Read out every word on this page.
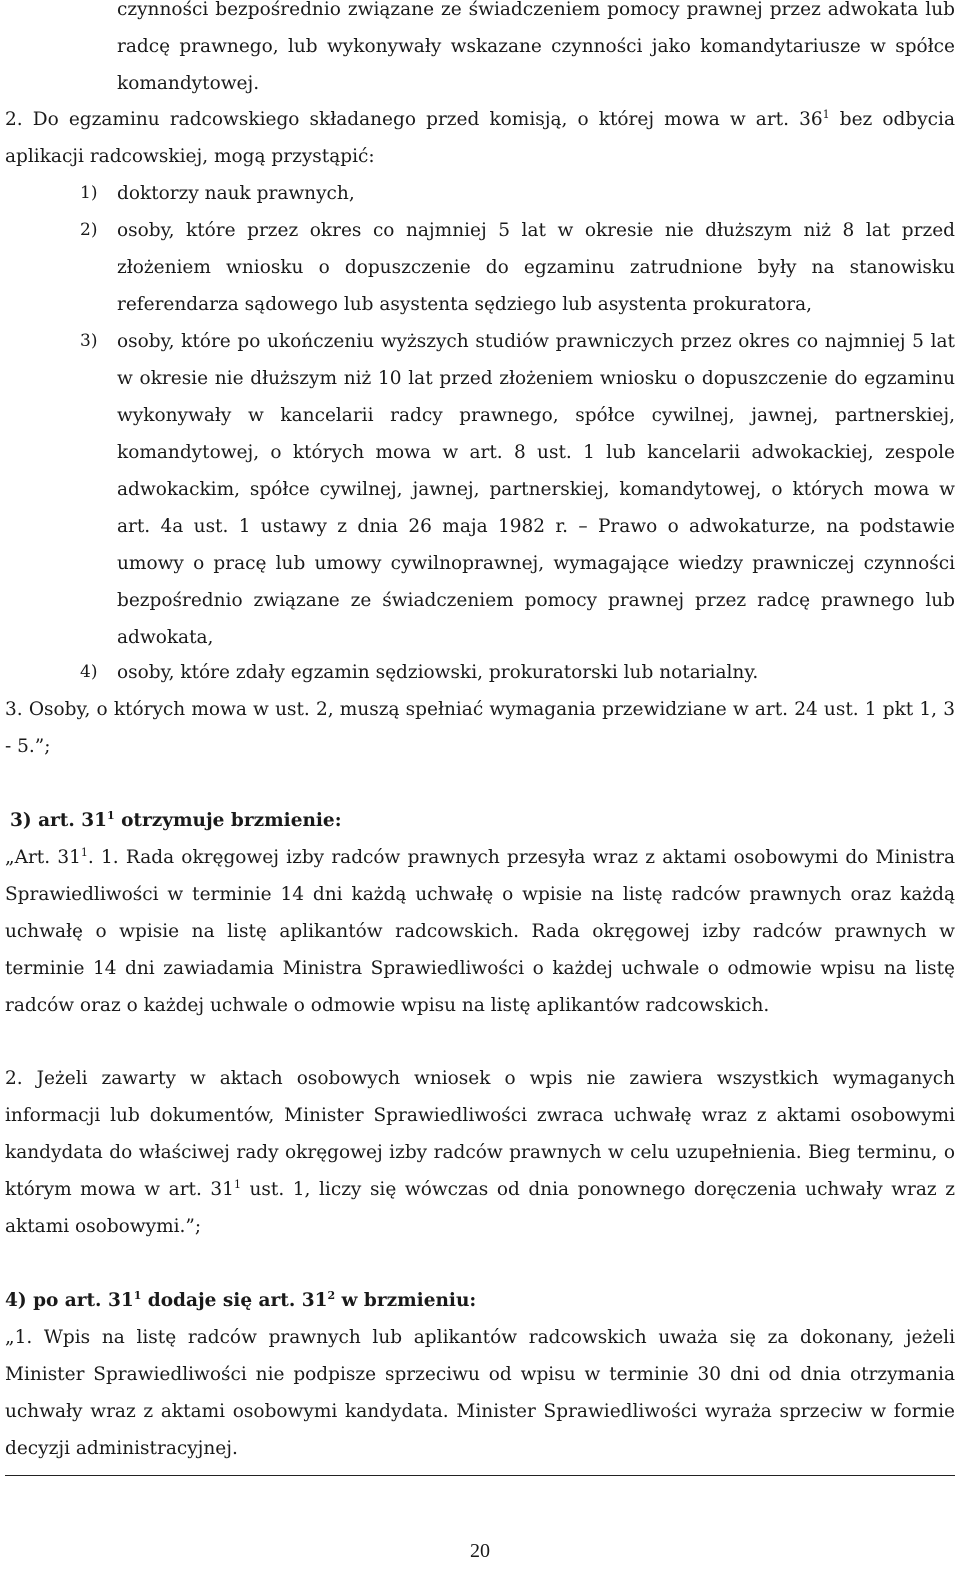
czynności bezpośrednio związane ze świadczeniem pomocy prawnej przez adwokata lub radcę prawnego, lub wykonywały wskazane czynności jako komandytariusze w spółce komandytowej.

2. Do egzaminu radcowskiego składanego przed komisją, o której mowa w art. $36^1$ bez odbycia aplikacji radcowskiej, mogą przystąpić:

1) doktorzy nauk prawnych,

2) osoby, które przez okres co najmniej 5 lat w okresie nie dłuższym niż 8 lat przed złożeniem wniosku o dopuszczenie do egzaminu zatrudnione były na stanowisku referendarza sądowego lub asystenta sędziego lub asystenta prokuratora,

3) osoby, które po ukończeniu wyższych studiów prawniczych przez okres co najmniej 5 lat w okresie nie dłuższym niż 10 lat przed złożeniem wniosku o dopuszczenie do egzaminu wykonywały w kancelarii radcy prawnego, spółce cywilnej, jawnej, partnerskiej, komandytowej, o których mowa w art. 8 ust. 1 lub kancelarii adwokackiej, zespole adwokackim, spółce cywilnej, jawnej, partnerskiej, komandytowej, o których mowa w art. 4a ust. 1 ustawy z dnia 26 maja 1982 r. – Prawo o adwokaturze, na podstawie umowy o pracę lub umowy cywilnoprawnej, wymagające wiedzy prawniczej czynności bezpośrednio związane ze świadczeniem pomocy prawnej przez radcę prawnego lub adwokata,

4) osoby, które zdały egzamin sędziowski, prokuratorski lub notarialny.

3. Osoby, o których mowa w ust. 2, muszą spełniać wymagania przewidziane w art. 24 ust. 1 pkt 1, 3 - 5.”;

3) art. $31^1$ otrzymuje brzmienie:

„Art. $31^1$. 1. Rada okręgowej izby radców prawnych przesyła wraz z aktami osobowymi do Ministra Sprawiedliwości w terminie 14 dni każdą uchwałę o wpisie na listę radców prawnych oraz każdą uchwałę o wpisie na listę aplikantów radcowskich. Rada okręgowej izby radców prawnych w terminie 14 dni zawiadamia Ministra Sprawiedliwości o każdej uchwale o odmowie wpisu na listę radców oraz o każdej uchwale o odmowie wpisu na listę aplikantów radcowskich.

2. Jeżeli zawarty w aktach osobowych wniosek o wpis nie zawiera wszystkich wymaganych informacji lub dokumentów, Minister Sprawiedliwości zwraca uchwałę wraz z aktami osobowymi kandydata do właściwej rady okręgowej izby radców prawnych w celu uzupełnienia. Bieg terminu, o którym mowa w art. $31^1$ ust. 1, liczy się wówczas od dnia ponownego doręczenia uchwały wraz z aktami osobowymi.”;

4) po art. $31^1$ dodaje się art. $31^2$ w brzmieniu:

„1. Wpis na listę radców prawnych lub aplikantów radcowskich uważa się za dokonany, jeżeli Minister Sprawiedliwości nie podpisze sprzeciwu od wpisu w terminie 30 dni od dnia otrzymania uchwały wraz z aktami osobowymi kandydata. Minister Sprawiedliwości wyraża sprzeciw w formie decyzji administracyjnej.

20
